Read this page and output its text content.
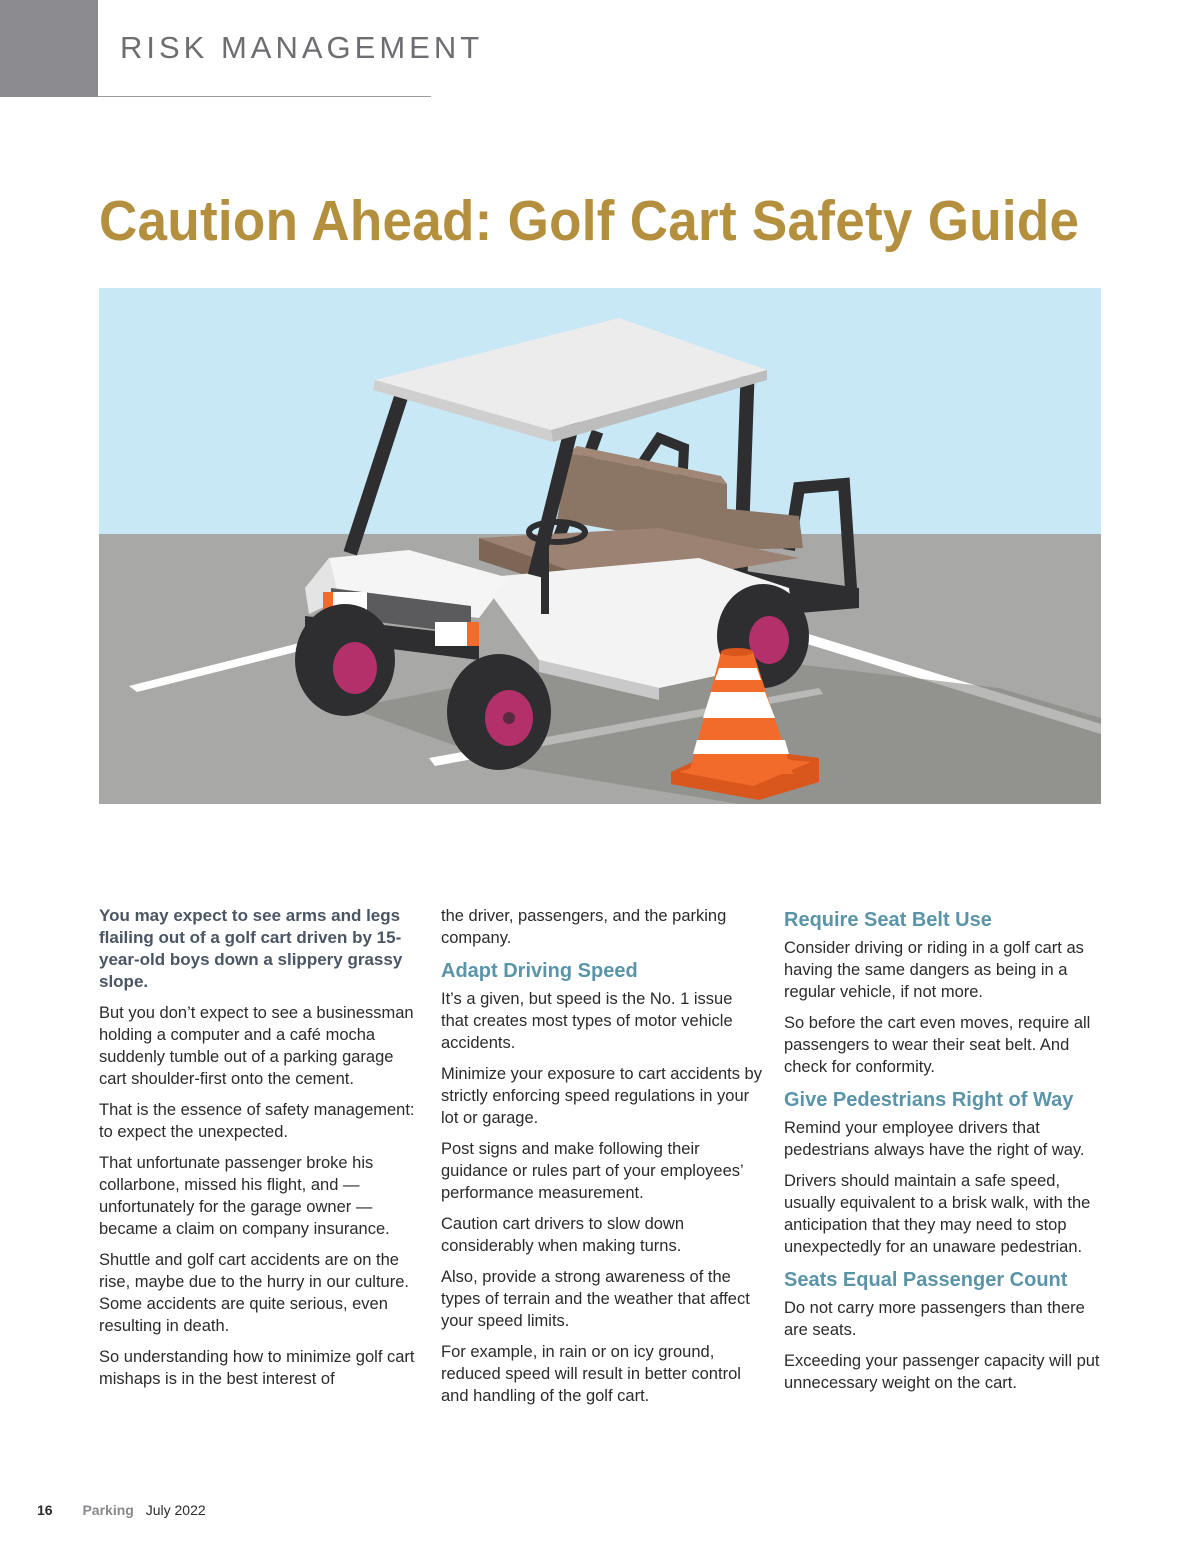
RISK MANAGEMENT
Caution Ahead: Golf Cart Safety Guide

You may expect to see arms and legs flailing out of a golf cart driven by 15-year-old boys down a slippery grassy slope.

But you don’t expect to see a businessman holding a computer and a café mocha suddenly tumble out of a parking garage cart shoulder-first onto the cement.

That is the essence of safety management: to expect the unexpected.

That unfortunate passenger broke his collarbone, missed his flight, and — unfortunately for the garage owner — became a claim on company insurance.

Shuttle and golf cart accidents are on the rise, maybe due to the hurry in our culture. Some accidents are quite serious, even resulting in death.

So understanding how to minimize golf cart mishaps is in the best interest of

the driver, passengers, and the parking company.

Adapt Driving Speed

It’s a given, but speed is the No. 1 issue that creates most types of motor vehicle accidents.

Minimize your exposure to cart accidents by strictly enforcing speed regulations in your lot or garage.

Post signs and make following their guidance or rules part of your employees’ performance measurement.

Caution cart drivers to slow down considerably when making turns.

Also, provide a strong awareness of the types of terrain and the weather that affect your speed limits.

For example, in rain or on icy ground, reduced speed will result in better control and handling of the golf cart.

Require Seat Belt Use

Consider driving or riding in a golf cart as having the same dangers as being in a regular vehicle, if not more.

So before the cart even moves, require all passengers to wear their seat belt. And check for conformity.

Give Pedestrians Right of Way

Remind your employee drivers that pedestrians always have the right of way.

Drivers should maintain a safe speed, usually equivalent to a brisk walk, with the anticipation that they may need to stop unexpectedly for an unaware pedestrian.

Seats Equal Passenger Count

Do not carry more passengers than there are seats.

Exceeding your passenger capacity will put unnecessary weight on the cart.

16 Parking July 2022
